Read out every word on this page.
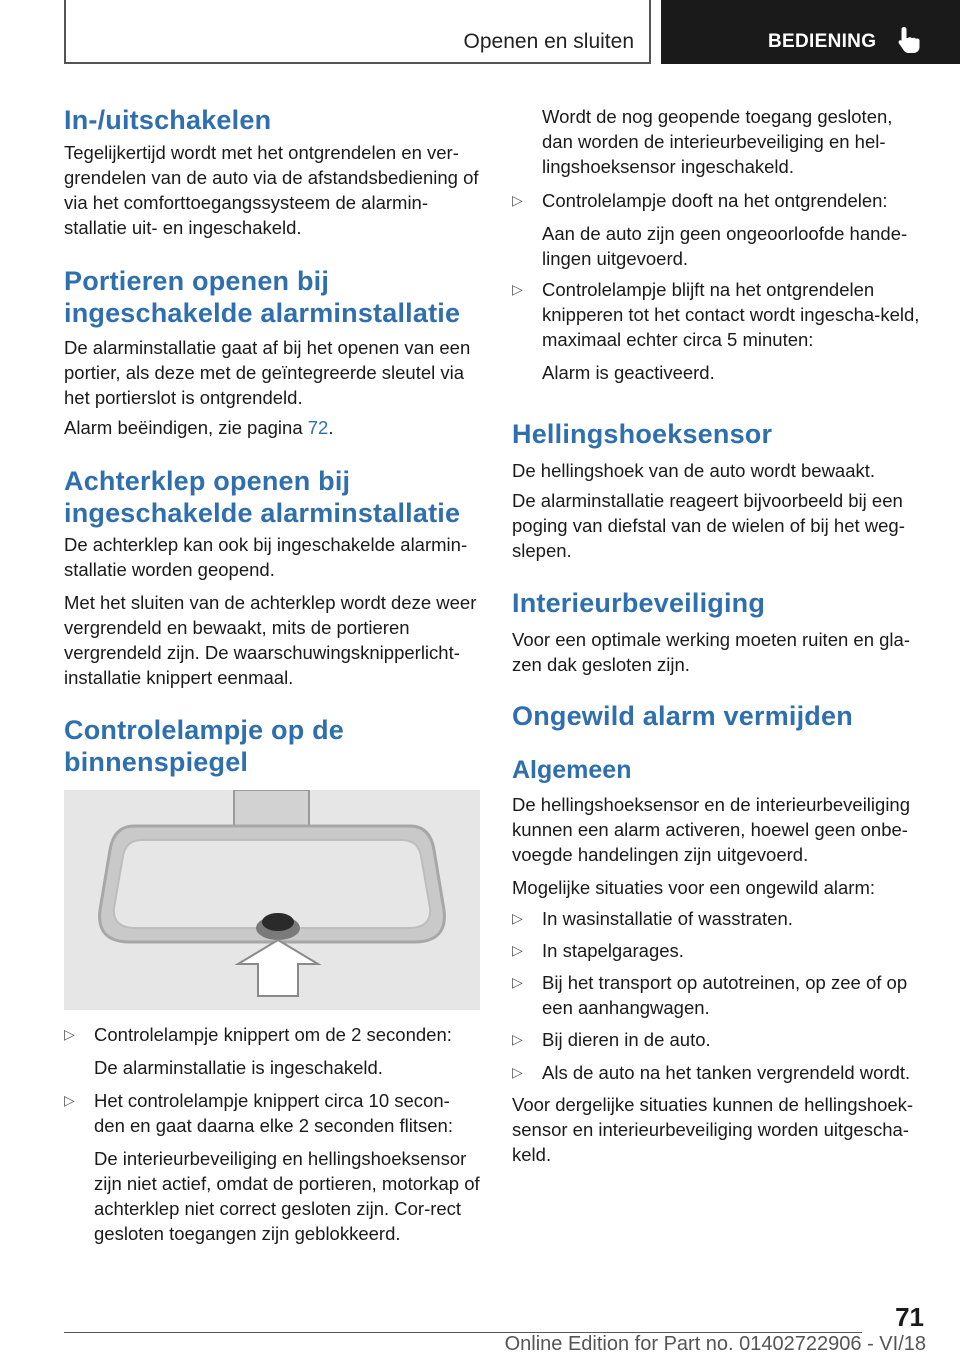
Openen en sluiten	BEDIENING
In-/uitschakelen

Tegelijkertijd wordt met het ontgrendelen en ver‐grendelen van de auto via de afstandsbediening of via het comforttoegangssysteem de alarmin‐stallatie uit- en ingeschakeld.

Portieren openen bij ingeschakelde alarminstallatie

De alarminstallatie gaat af bij het openen van een portier, als deze met de geïntegreerde sleutel via het portierslot is ontgrendeld.

Alarm beëindigen, zie pagina 72.

Achterklep openen bij ingeschakelde alarminstallatie

De achterklep kan ook bij ingeschakelde alarmin‐stallatie worden geopend.

Met het sluiten van de achterklep wordt deze weer vergrendeld en bewaakt, mits de portieren vergrendeld zijn. De waarschuwingsknipperlicht‐installatie knippert eenmaal.

Controlelampje op de binnenspiegel
▷ Controlelampje knippert om de 2 seconden:
De alarminstallatie is ingeschakeld.
▷ Het controlelampje knippert circa 10 secon‐den en gaat daarna elke 2 seconden flitsen:
De interieurbeveiliging en hellingshoeksensor zijn niet actief, omdat de portieren, motorkap of achterklep niet correct gesloten zijn. Cor‐rect gesloten toegangen zijn geblokkeerd.

Wordt de nog geopende toegang gesloten, dan worden de interieurbeveiliging en hel‐lingshoeksensor ingeschakeld.

▷ Controlelampje dooft na het ontgrendelen:
Aan de auto zijn geen ongeoorloofde hande‐lingen uitgevoerd.
▷ Controlelampje blijft na het ontgrendelen knipperen tot het contact wordt ingescha‐keld, maximaal echter circa 5 minuten:
Alarm is geactiveerd.
Hellingshoeksensor

De hellingshoek van de auto wordt bewaakt.

De alarminstallatie reageert bijvoorbeeld bij een poging van diefstal van de wielen of bij het weg‐slepen.

Interieurbeveiliging

Voor een optimale werking moeten ruiten en gla‐zen dak gesloten zijn.

Ongewild alarm vermijden
Algemeen

De hellingshoeksensor en de interieurbeveiliging kunnen een alarm activeren, hoewel geen onbe‐voegde handelingen zijn uitgevoerd.

Mogelijke situaties voor een ongewild alarm:

▷ In wasinstallatie of wasstraten.
▷ In stapelgarages.
▷ Bij het transport op autotreinen, op zee of op een aanhangwagen.
▷ Bij dieren in de auto.
▷ Als de auto na het tanken vergrendeld wordt.

Voor dergelijke situaties kunnen de hellingshoek‐sensor en interieurbeveiliging worden uitgescha‐keld.

71
Online Edition for Part no. 01402722906 - VI/18
